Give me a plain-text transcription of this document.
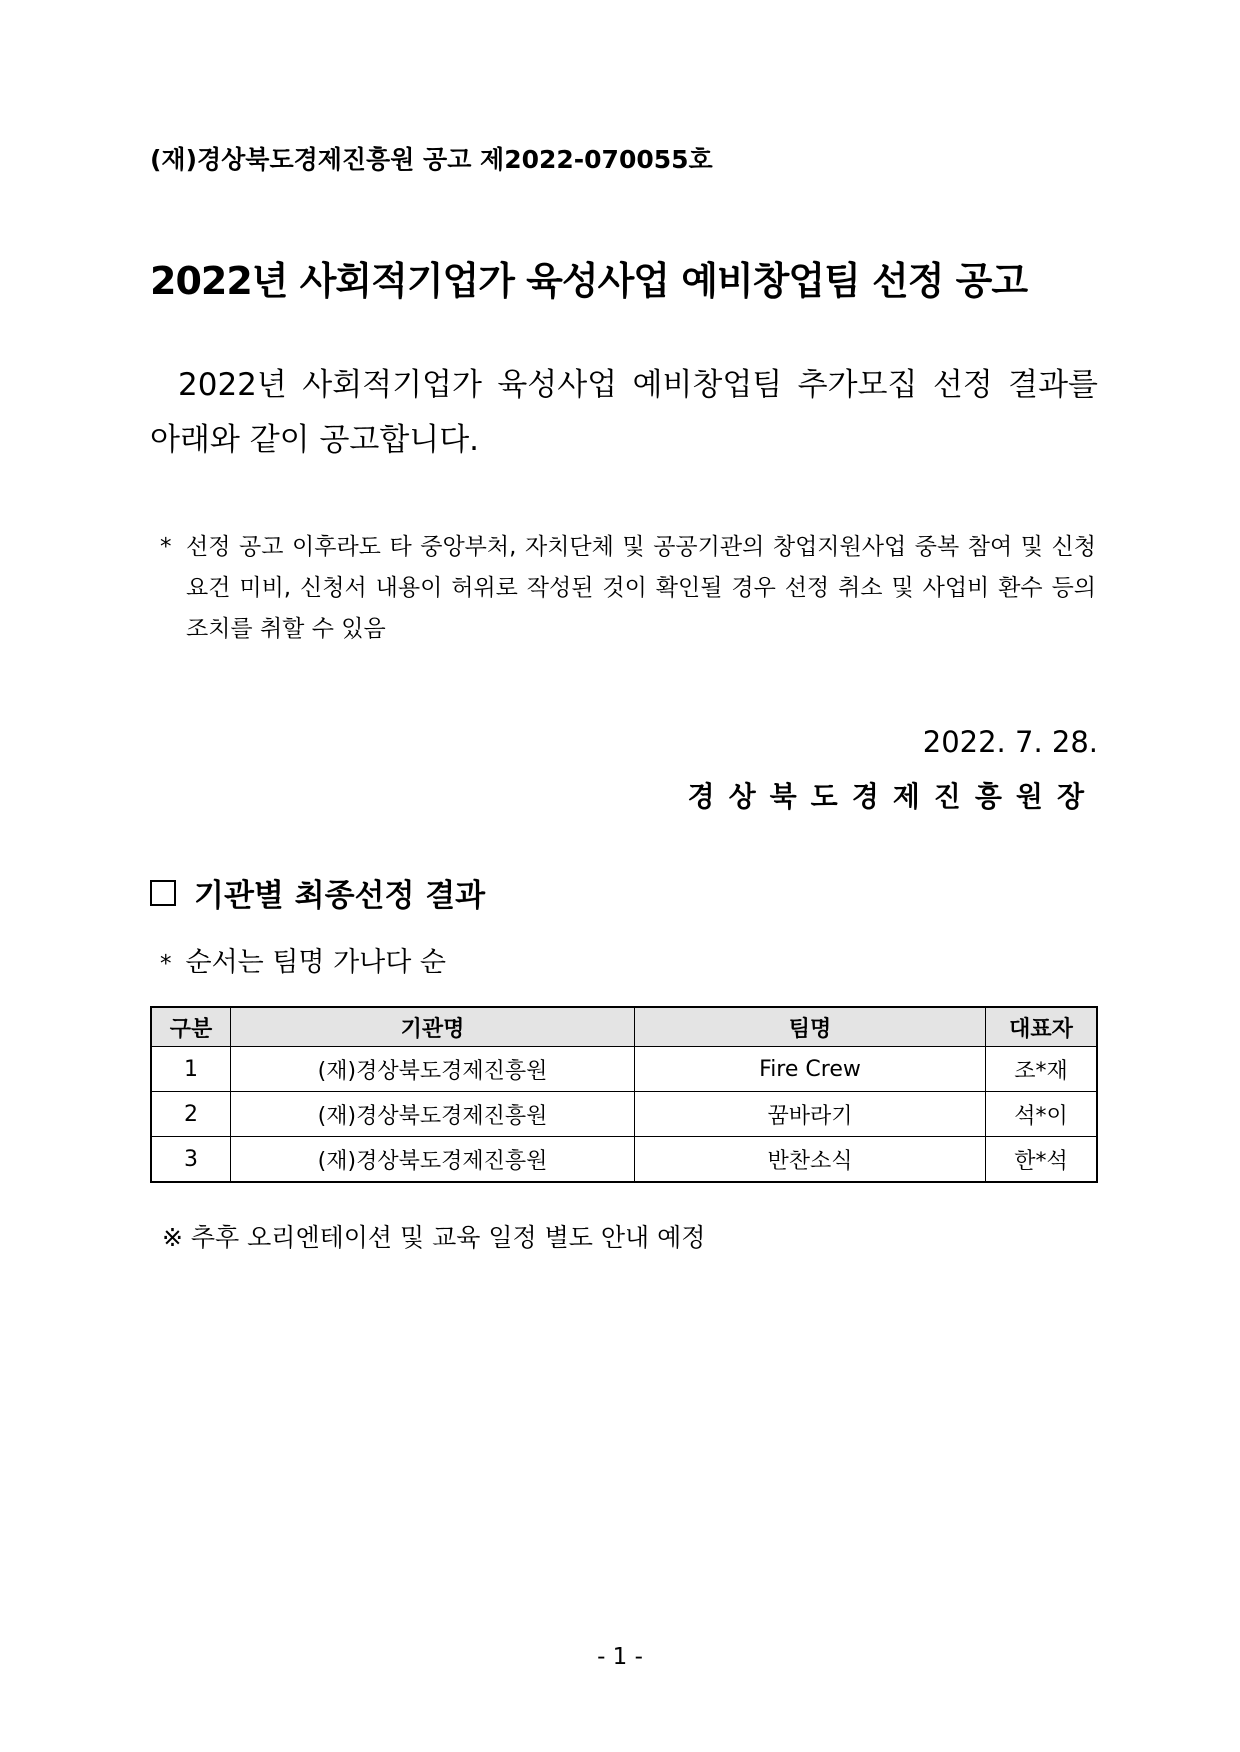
(재)경상북도경제진흥원 공고 제2022-070055호
2022년 사회적기업가 육성사업 예비창업팀 선정 공고
2022년 사회적기업가 육성사업 예비창업팀 추가모집 선정 결과를 아래와 같이 공고합니다.
* 선정 공고 이후라도 타 중앙부처, 자치단체 및 공공기관의 창업지원사업 중복 참여 및 신청요건 미비, 신청서 내용이 허위로 작성된 것이 확인될 경우 선정 취소 및 사업비 환수 등의 조치를 취할 수 있음
2022. 7. 28.
경상북도경제진흥원장
기관별 최종선정 결과
* 순서는 팀명 가나다 순
구분	기관명	팀명	대표자
1	(재)경상북도경제진흥원	Fire Crew	조*재
2	(재)경상북도경제진흥원	꿈바라기	석*이
3	(재)경상북도경제진흥원	반찬소식	한*석
※ 추후 오리엔테이션 및 교육 일정 별도 안내 예정
- 1 -
